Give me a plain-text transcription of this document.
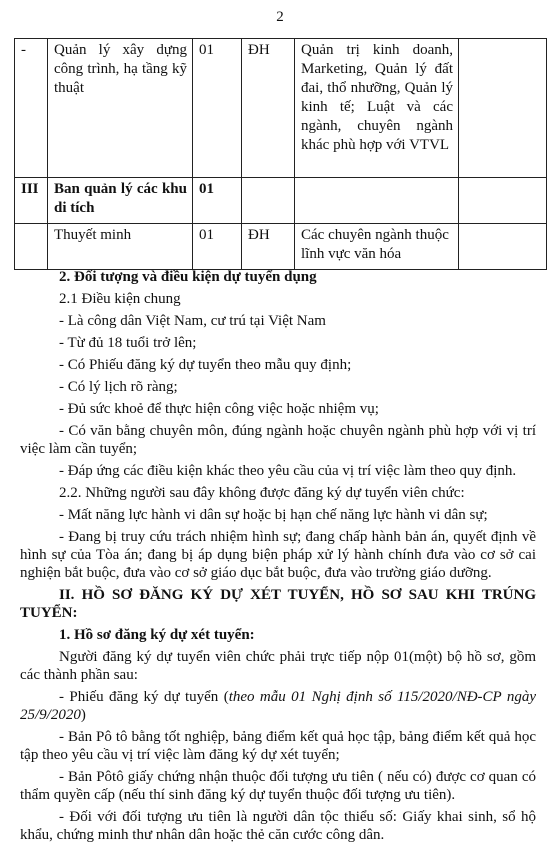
2
-	Quản lý xây dựng công trình, hạ tầng kỹ thuật	01	ĐH	Quản trị kinh doanh, Marketing, Quản lý đất đai, thổ nhưỡng, Quản lý kinh tế; Luật và các ngành, chuyên ngành khác phù hợp với VTVL	
III	Ban quản lý các khu di tích	01			
	Thuyết minh	01	ĐH	Các chuyên ngành thuộc lĩnh vực văn hóa	

2. Đối tượng và điều kiện dự tuyển dụng

2.1 Điều kiện chung

- Là công dân Việt Nam, cư trú tại Việt Nam

- Từ đủ 18 tuổi trở lên;

- Có Phiếu đăng ký dự tuyển theo mẫu quy định;

- Có lý lịch rõ ràng;

- Đủ sức khoẻ để thực hiện công việc hoặc nhiệm vụ;

- Có văn bằng chuyên môn, đúng ngành hoặc chuyên ngành phù hợp với vị trí việc làm cần tuyển;

- Đáp ứng các điều kiện khác theo yêu cầu của vị trí việc làm theo quy định.

2.2. Những người sau đây không được đăng ký dự tuyển viên chức:

- Mất năng lực hành vi dân sự hoặc bị hạn chế năng lực hành vi dân sự;

- Đang bị truy cứu trách nhiệm hình sự; đang chấp hành bản án, quyết định về hình sự của Tòa án; đang bị áp dụng biện pháp xử lý hành chính đưa vào cơ sở cai nghiện bắt buộc, đưa vào cơ sở giáo dục bắt buộc, đưa vào trường giáo dưỡng.

II. HỒ SƠ ĐĂNG KÝ DỰ XÉT TUYỂN, HỒ SƠ SAU KHI TRÚNG TUYỂN:

1. Hồ sơ đăng ký dự xét tuyển:

Người đăng ký dự tuyển viên chức phải trực tiếp nộp 01(một) bộ hồ sơ, gồm các thành phần sau:

- Phiếu đăng ký dự tuyển (theo mẫu 01 Nghị định số 115/2020/NĐ-CP ngày 25/9/2020)

- Bản Pô tô bằng tốt nghiệp, bảng điểm kết quả học tập, bảng điểm kết quả học tập theo yêu cầu vị trí việc làm đăng ký dự xét tuyển;

- Bản Pôtô giấy chứng nhận thuộc đối tượng ưu tiên ( nếu có) được cơ quan có thẩm quyền cấp (nếu thí sinh đăng ký dự tuyển thuộc đối tượng ưu tiên).

- Đối với đối tượng ưu tiên là người dân tộc thiểu số: Giấy khai sinh, sổ hộ khẩu, chứng minh thư nhân dân hoặc thẻ căn cước công dân.
